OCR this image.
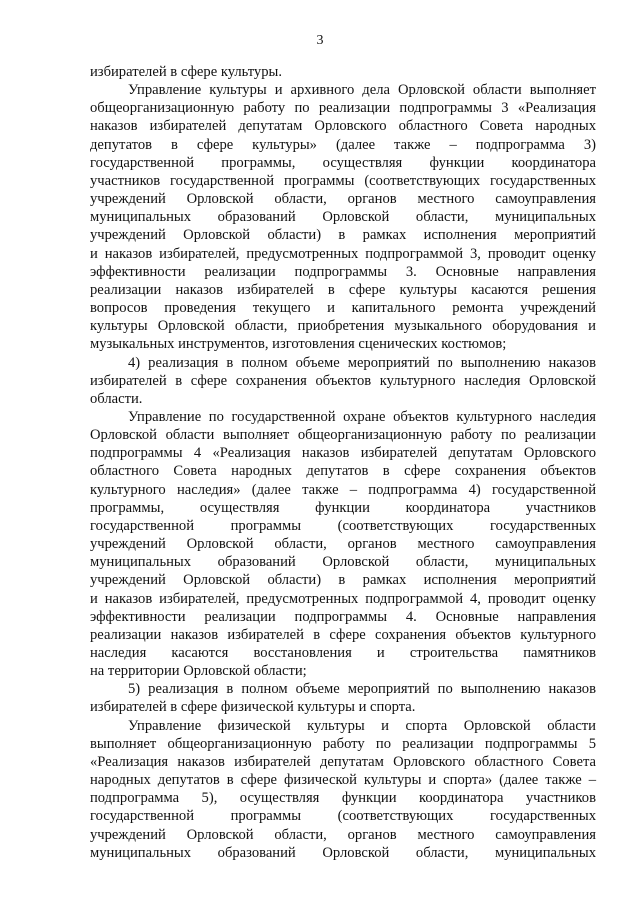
3

избирателей в сфере культуры.

Управление культуры и архивного дела Орловской области выполняет
общеорганизационную работу по реализации подпрограммы 3 «Реализация
наказов избирателей депутатам Орловского областного Совета народных
депутатов в сфере культуры» (далее также – подпрограмма 3)
государственной программы, осуществляя функции координатора
участников государственной программы (соответствующих государственных
учреждений Орловской области, органов местного самоуправления
муниципальных образований Орловской области, муниципальных
учреждений Орловской области) в рамках исполнения мероприятий
и наказов избирателей, предусмотренных подпрограммой 3, проводит оценку
эффективности реализации подпрограммы 3. Основные направления
реализации наказов избирателей в сфере культуры касаются решения
вопросов проведения текущего и капитального ремонта учреждений
культуры Орловской области, приобретения музыкального оборудования и
музыкальных инструментов, изготовления сценических костюмов;

4) реализация в полном объеме мероприятий по выполнению наказов
избирателей в сфере сохранения объектов культурного наследия Орловской
области.

Управление по государственной охране объектов культурного наследия
Орловской области выполняет общеорганизационную работу по реализации
подпрограммы 4 «Реализация наказов избирателей депутатам Орловского
областного Совета народных депутатов в сфере сохранения объектов
культурного наследия» (далее также – подпрограмма 4) государственной
программы, осуществляя функции координатора участников
государственной программы (соответствующих государственных
учреждений Орловской области, органов местного самоуправления
муниципальных образований Орловской области, муниципальных
учреждений Орловской области) в рамках исполнения мероприятий
и наказов избирателей, предусмотренных подпрограммой 4, проводит оценку
эффективности реализации подпрограммы 4. Основные направления
реализации наказов избирателей в сфере сохранения объектов культурного
наследия касаются восстановления и строительства памятников
на территории Орловской области;

5) реализация в полном объеме мероприятий по выполнению наказов
избирателей в сфере физической культуры и спорта.

Управление физической культуры и спорта Орловской области
выполняет общеорганизационную работу по реализации подпрограммы 5
«Реализация наказов избирателей депутатам Орловского областного Совета
народных депутатов в сфере физической культуры и спорта» (далее также –
подпрограмма 5), осуществляя функции координатора участников
государственной программы (соответствующих государственных
учреждений Орловской области, органов местного самоуправления
муниципальных образований Орловской области, муниципальных
